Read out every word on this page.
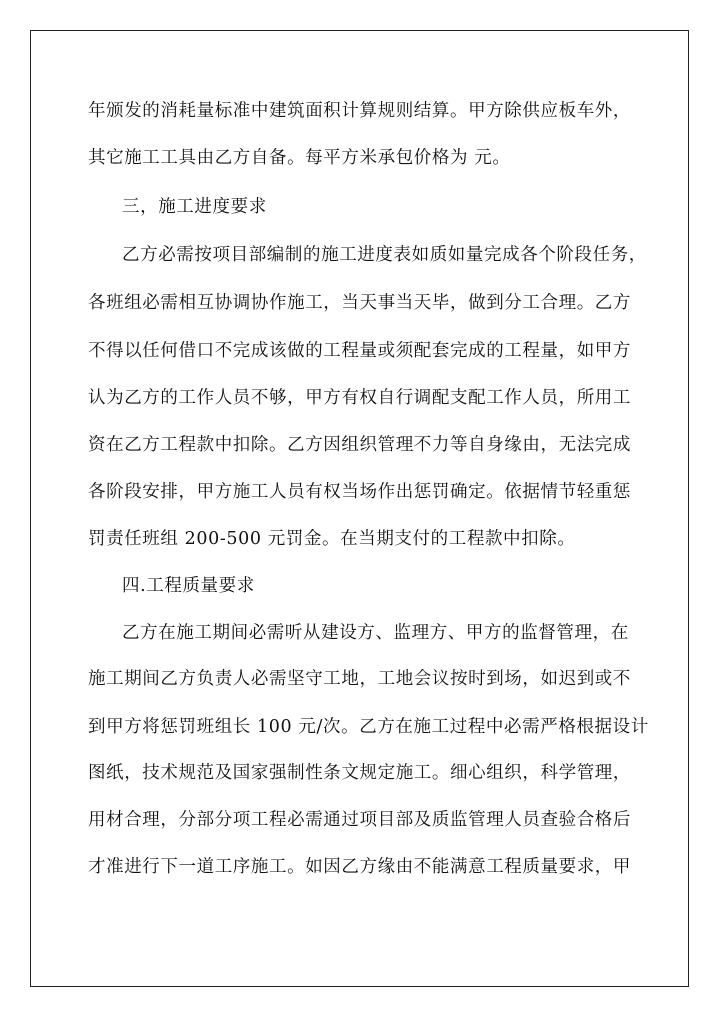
年颁发的消耗量标准中建筑面积计算规则结算。甲方除供应板车外，
其它施工工具由乙方自备。每平方米承包价格为 元。
三，施工进度要求
乙方必需按项目部编制的施工进度表如质如量完成各个阶段任务，
各班组必需相互协调协作施工，当天事当天毕，做到分工合理。乙方
不得以任何借口不完成该做的工程量或须配套完成的工程量，如甲方
认为乙方的工作人员不够，甲方有权自行调配支配工作人员，所用工
资在乙方工程款中扣除。乙方因组织管理不力等自身缘由，无法完成
各阶段安排，甲方施工人员有权当场作出惩罚确定。依据情节轻重惩
罚责任班组 200-500 元罚金。在当期支付的工程款中扣除。
四.工程质量要求
乙方在施工期间必需听从建设方、监理方、甲方的监督管理，在
施工期间乙方负责人必需坚守工地，工地会议按时到场，如迟到或不
到甲方将惩罚班组长 100 元/次。乙方在施工过程中必需严格根据设计
图纸，技术规范及国家强制性条文规定施工。细心组织，科学管理，
用材合理，分部分项工程必需通过项目部及质监管理人员查验合格后
才准进行下一道工序施工。如因乙方缘由不能满意工程质量要求，甲
